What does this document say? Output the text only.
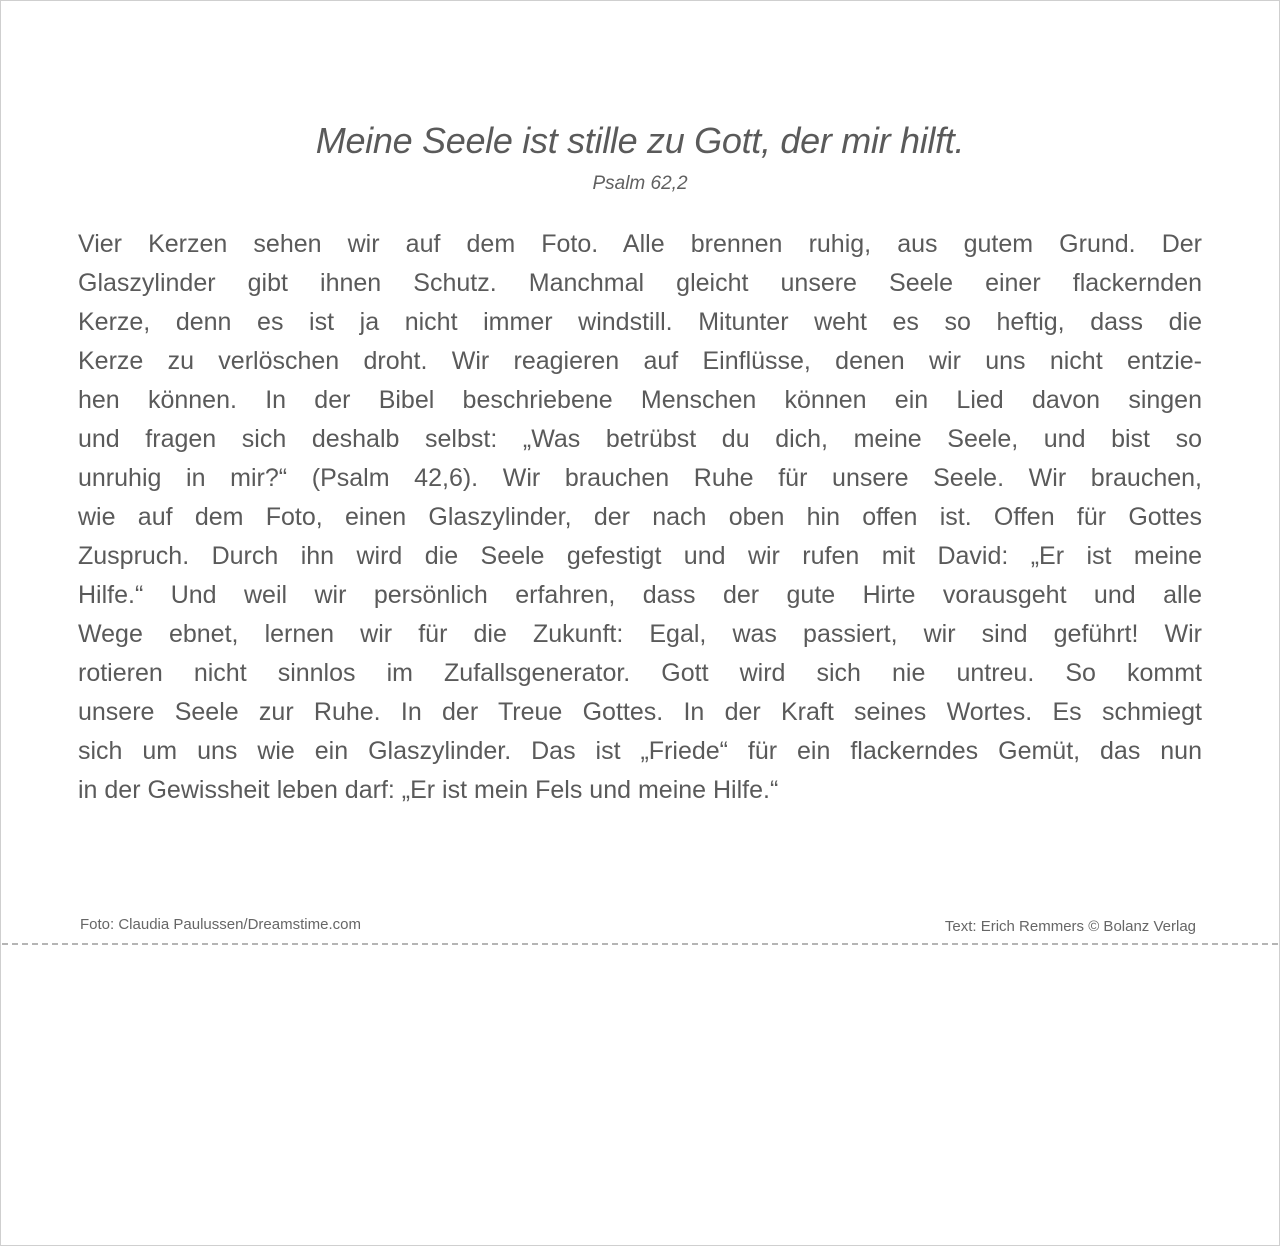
Meine Seele ist stille zu Gott, der mir hilft.
Psalm 62,2
Vier Kerzen sehen wir auf dem Foto. Alle brennen ruhig, aus gutem Grund. Der
Glaszylinder gibt ihnen Schutz. Manchmal gleicht unsere Seele einer flackernden
Kerze, denn es ist ja nicht immer windstill. Mitunter weht es so heftig, dass die
Kerze zu verlöschen droht. Wir reagieren auf Einflüsse, denen wir uns nicht entzie-
hen können. In der Bibel beschriebene Menschen können ein Lied davon singen
und fragen sich deshalb selbst: „Was betrübst du dich, meine Seele, und bist so
unruhig in mir?“ (Psalm 42,6). Wir brauchen Ruhe für unsere Seele. Wir brauchen,
wie auf dem Foto, einen Glaszylinder, der nach oben hin offen ist. Offen für Gottes
Zuspruch. Durch ihn wird die Seele gefestigt und wir rufen mit David: „Er ist meine
Hilfe.“ Und weil wir persönlich erfahren, dass der gute Hirte vorausgeht und alle
Wege ebnet, lernen wir für die Zukunft: Egal, was passiert, wir sind geführt! Wir
rotieren nicht sinnlos im Zufallsgenerator. Gott wird sich nie untreu. So kommt
unsere Seele zur Ruhe. In der Treue Gottes. In der Kraft seines Wortes. Es schmiegt
sich um uns wie ein Glaszylinder. Das ist „Friede“ für ein flackerndes Gemüt, das nun
in der Gewissheit leben darf: „Er ist mein Fels und meine Hilfe.“
Foto: Claudia Paulussen/Dreamstime.com	Text: Erich Remmers © Bolanz Verlag
